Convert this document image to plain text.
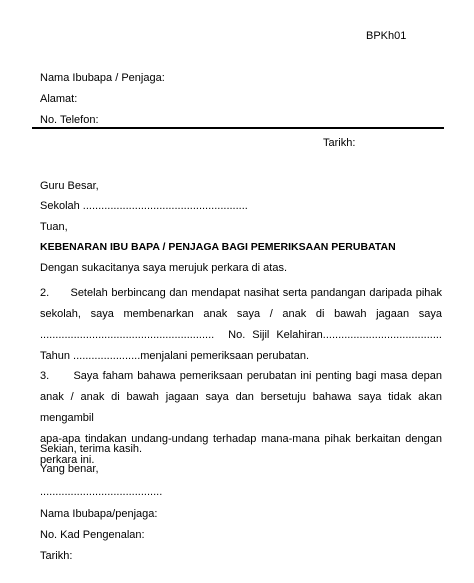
BPKh01
Nama Ibubapa / Penjaga:
Alamat:
No. Telefon:
Tarikh:
Guru Besar,
Sekolah ......................................................
Tuan,
KEBENARAN IBU BAPA / PENJAGA BAGI PEMERIKSAAN PERUBATAN
Dengan sukacitanya saya merujuk perkara di atas.
2.      Setelah berbincang dan mendapat nasihat serta pandangan daripada pihak
sekolah, saya membenarkan anak saya / anak di bawah jagaan saya
.........................................................  No. Sijil Kelahiran.......................................
Tahun ......................menjalani pemeriksaan perubatan.
3.      Saya faham bahawa pemeriksaan perubatan ini penting bagi masa depan
anak / anak di bawah jagaan saya dan bersetuju bahawa saya tidak akan mengambil
apa-apa tindakan undang-undang terhadap mana-mana pihak berkaitan dengan
perkara ini.
Sekian, terima kasih.
Yang benar,
........................................
Nama Ibubapa/penjaga:
No. Kad Pengenalan:
Tarikh:
